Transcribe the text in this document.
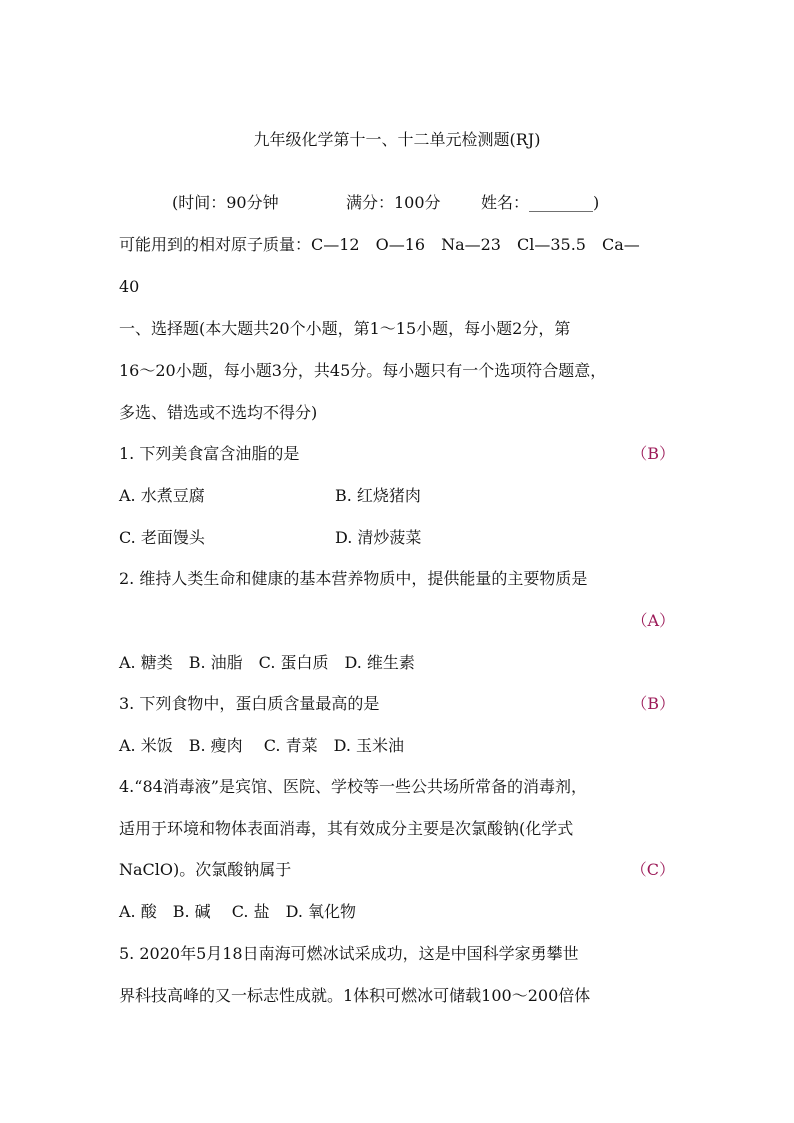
九年级化学第十一、十二单元检测题(RJ)
(时间：90分钟	满分：100分	姓名：________)
可能用到的相对原子质量：C—12　O—16　Na—23　Cl—35.5　Ca—
40
一、选择题(本大题共20个小题，第1～15小题，每小题2分，第
16～20小题，每小题3分，共45分。每小题只有一个选项符合题意，
多选、错选或不选均不得分)
1. 下列美食富含油脂的是	（B）
A. 水煮豆腐	B. 红烧猪肉
C. 老面馒头	D. 清炒菠菜
2. 维持人类生命和健康的基本营养物质中，提供能量的主要物质是
（A）
A. 糖类　B. 油脂　C. 蛋白质　D. 维生素
3. 下列食物中，蛋白质含量最高的是	（B）
A. 米饭　B. 瘦肉　 C. 青菜　D. 玉米油
4.“84消毒液”是宾馆、医院、学校等一些公共场所常备的消毒剂，
适用于环境和物体表面消毒，其有效成分主要是次氯酸钠(化学式
NaClO)。次氯酸钠属于	（C）
A. 酸　B. 碱　 C. 盐　D. 氧化物
5. 2020年5月18日南海可燃冰试采成功，这是中国科学家勇攀世
界科技高峰的又一标志性成就。1体积可燃冰可储载100～200倍体
